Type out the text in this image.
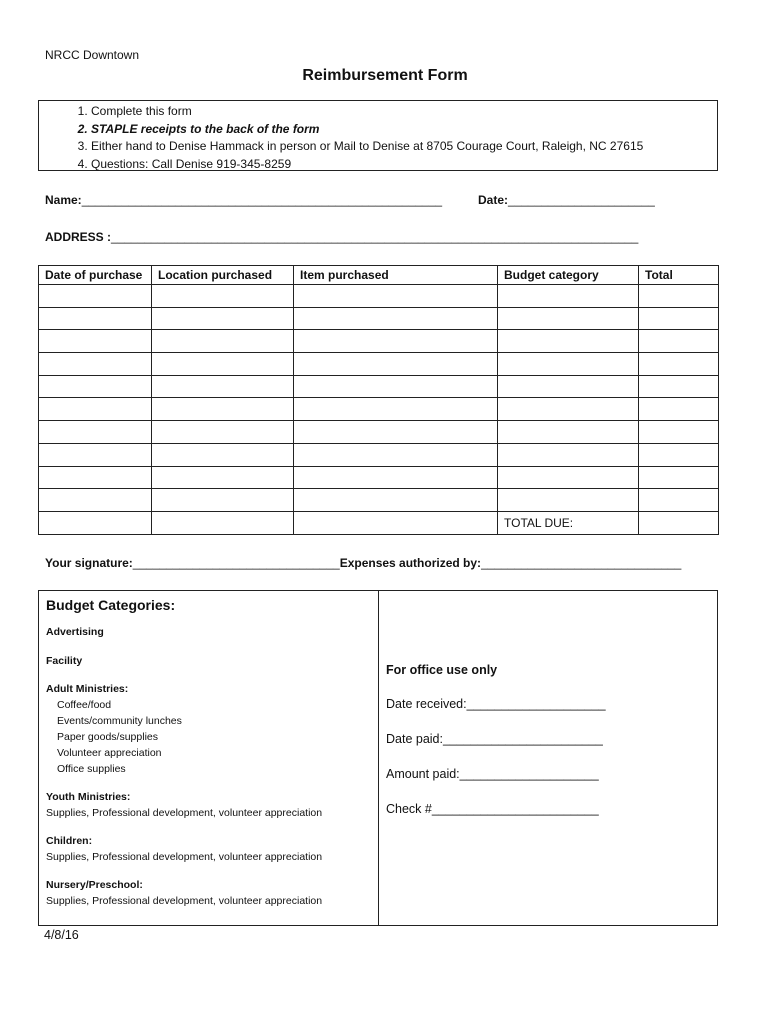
NRCC Downtown
Reimbursement Form
1. Complete this form
2. STAPLE receipts to the back of the form
3. Either hand to Denise Hammack in person or Mail to Denise at 8705 Courage Court, Raleigh, NC 27615
4. Questions: Call Denise 919-345-8259
Name:______________________________________________________	Date:______________________
ADDRESS :_______________________________________________________________________________
Date of purchase	Location purchased	Item purchased	Budget category	Total

			TOTAL DUE:	
Your signature:_______________________________Expenses authorized by:______________________________
Budget Categories:
Advertising
Facility
Adult Ministries:
Coffee/food
Events/community lunches
Paper goods/supplies
Volunteer appreciation
Office supplies
Youth Ministries:
Supplies, Professional development, volunteer appreciation
Children:
Supplies, Professional development, volunteer appreciation
Nursery/Preschool:
Supplies, Professional development, volunteer appreciation
For office use only
Date received:____________________
Date paid:_______________________
Amount paid:____________________
Check #________________________
4/8/16
